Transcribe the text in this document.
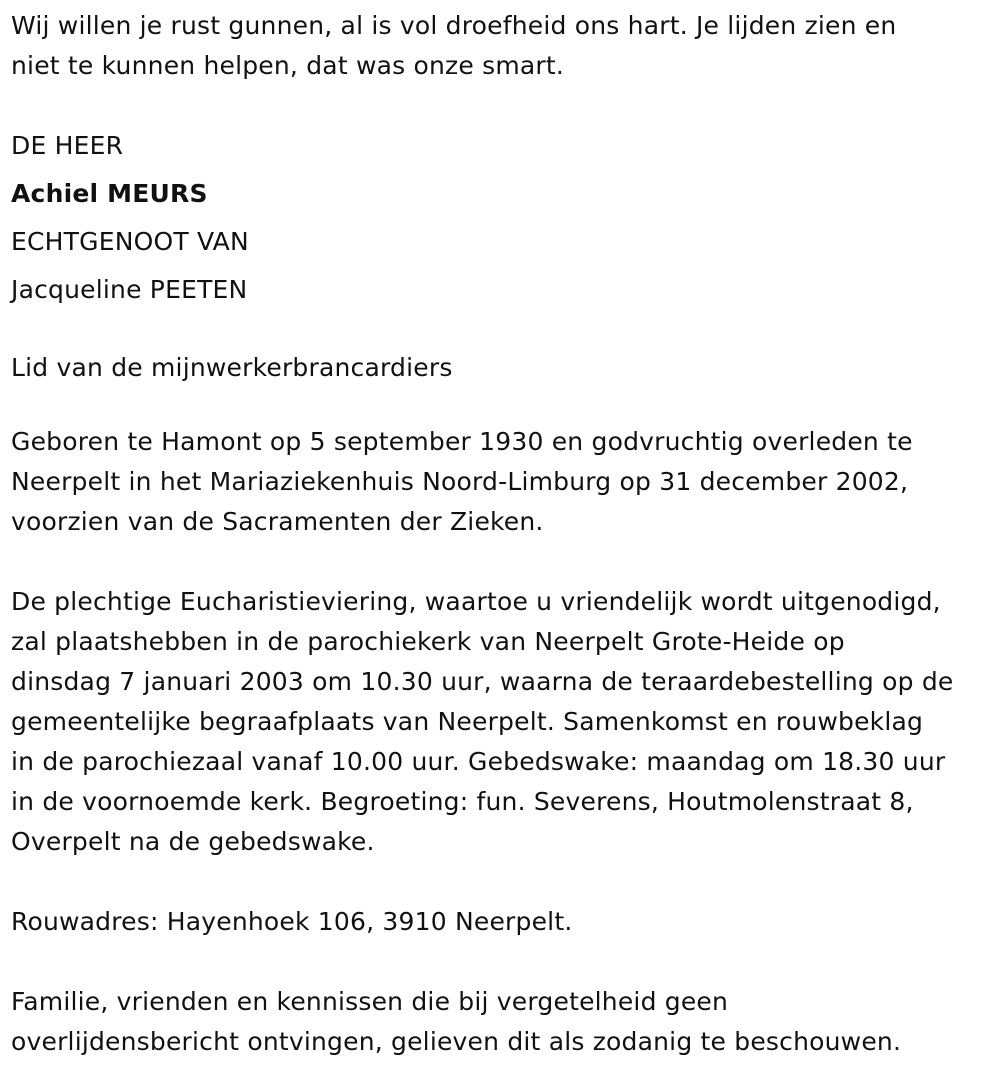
Wij willen je rust gunnen, al is vol droefheid ons hart. Je lijden zien en
niet te kunnen helpen, dat was onze smart.

DE HEER
Achiel MEURS
ECHTGENOOT VAN
Jacqueline PEETEN

Lid van de mijnwerkerbrancardiers

Geboren te Hamont op 5 september 1930 en godvruchtig overleden te
Neerpelt in het Mariaziekenhuis Noord-Limburg op 31 december 2002,
voorzien van de Sacramenten der Zieken.

De plechtige Eucharistieviering, waartoe u vriendelijk wordt uitgenodigd,
zal plaatshebben in de parochiekerk van Neerpelt Grote-Heide op
dinsdag 7 januari 2003 om 10.30 uur, waarna de teraardebestelling op de
gemeentelijke begraafplaats van Neerpelt. Samenkomst en rouwbeklag
in de parochiezaal vanaf 10.00 uur. Gebedswake: maandag om 18.30 uur
in de voornoemde kerk. Begroeting: fun. Severens, Houtmolenstraat 8,
Overpelt na de gebedswake.

Rouwadres: Hayenhoek 106, 3910 Neerpelt.

Familie, vrienden en kennissen die bij vergetelheid geen
overlijdensbericht ontvingen, gelieven dit als zodanig te beschouwen.
